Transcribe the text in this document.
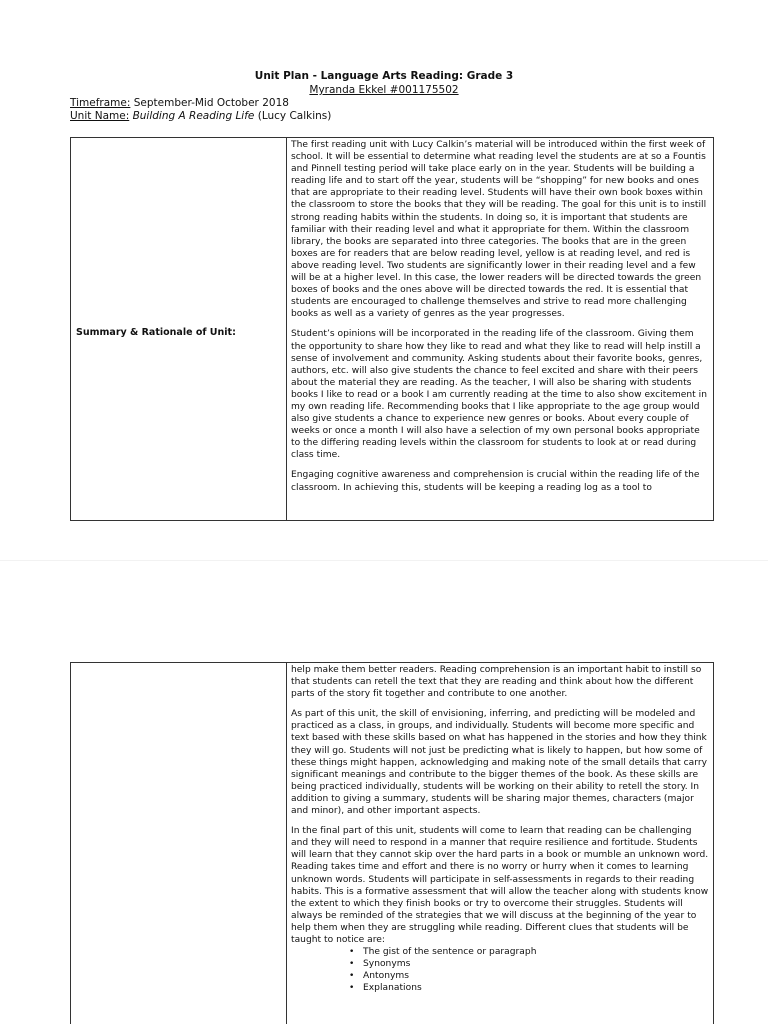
Unit Plan - Language Arts Reading: Grade 3

Myranda Ekkel #001175502
Timeframe: September-Mid October 2018
Unit Name: Building A Reading Life (Lucy Calkins)
Summary & Rationale of Unit:	

The first reading unit with Lucy Calkin’s material will be introduced within the first week of school. It will be essential to determine what reading level the students are at so a Fountis and Pinnell testing period will take place early on in the year. Students will be building a reading life and to start off the year, students will be “shopping” for new books and ones that are appropriate to their reading level. Students will have their own book boxes within the classroom to store the books that they will be reading. The goal for this unit is to instill strong reading habits within the students. In doing so, it is important that students are familiar with their reading level and what it appropriate for them. Within the classroom library, the books are separated into three categories. The books that are in the green boxes are for readers that are below reading level, yellow is at reading level, and red is above reading level. Two students are significantly lower in their reading level and a few will be at a higher level. In this case, the lower readers will be directed towards the green boxes of books and the ones above will be directed towards the red. It is essential that students are encouraged to challenge themselves and strive to read more challenging books as well as a variety of genres as the year progresses.

Student’s opinions will be incorporated in the reading life of the classroom. Giving them the opportunity to share how they like to read and what they like to read will help instill a sense of involvement and community. Asking students about their favorite books, genres, authors, etc. will also give students the chance to feel excited and share with their peers about the material they are reading. As the teacher, I will also be sharing with students books I like to read or a book I am currently reading at the time to also show excitement in my own reading life. Recommending books that I like appropriate to the age group would also give students a chance to experience new genres or books. About every couple of weeks or once a month I will also have a selection of my own personal books appropriate to the differing reading levels within the classroom for students to look at or read during class time.

Engaging cognitive awareness and comprehension is crucial within the reading life of the classroom. In achieving this, students will be keeping a reading log as a tool to

help make them better readers. Reading comprehension is an important habit to instill so that students can retell the text that they are reading and think about how the different parts of the story fit together and contribute to one another.

As part of this unit, the skill of envisioning, inferring, and predicting will be modeled and practiced as a class, in groups, and individually. Students will become more specific and text based with these skills based on what has happened in the stories and how they think they will go. Students will not just be predicting what is likely to happen, but how some of these things might happen, acknowledging and making note of the small details that carry significant meanings and contribute to the bigger themes of the book. As these skills are being practiced individually, students will be working on their ability to retell the story. In addition to giving a summary, students will be sharing major themes, characters (major and minor), and other important aspects.

In the final part of this unit, students will come to learn that reading can be challenging and they will need to respond in a manner that require resilience and fortitude. Students will learn that they cannot skip over the hard parts in a book or mumble an unknown word. Reading takes time and effort and there is no worry or hurry when it comes to learning unknown words. Students will participate in self-assessments in regards to their reading habits. This is a formative assessment that will allow the teacher along with students know the extent to which they finish books or try to overcome their struggles. Students will always be reminded of the strategies that we will discuss at the beginning of the year to help them when they are struggling while reading. Different clues that students will be taught to notice are:

• The gist of the sentence or paragraph
• Synonyms
• Antonyms
• Explanations
